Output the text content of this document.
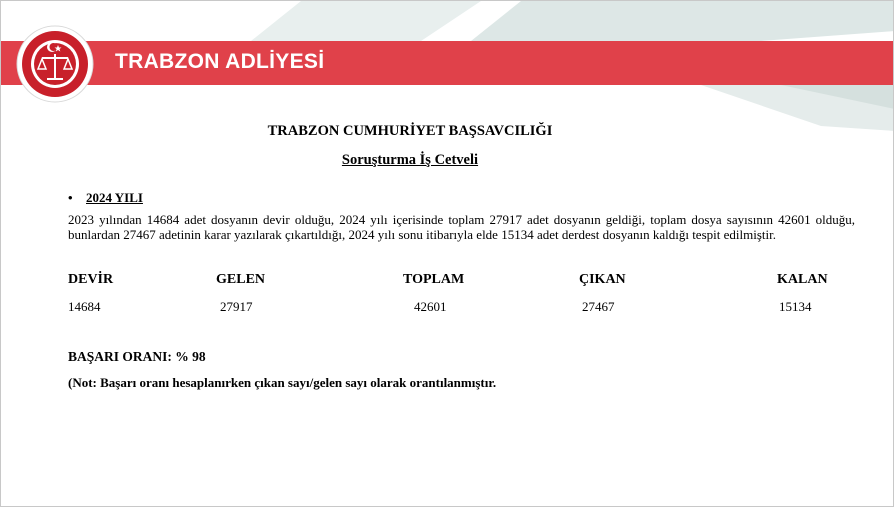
TRABZON ADLİYESİ
TRABZON CUMHURİYET BAŞSAVCILIĞI
Soruşturma İş Cetveli
• 2024 YILI
2023 yılından 14684 adet dosyanın devir olduğu, 2024 yılı içerisinde toplam 27917 adet dosyanın geldiği, toplam dosya sayısının 42601 olduğu, bunlardan 27467 adetinin karar yazılarak çıkartıldığı, 2024 yılı sonu itibarıyla elde 15134 adet derdest dosyanın kaldığı tespit edilmiştir.
DEVİR	GELEN	TOPLAM	ÇIKAN	KALAN
14684	27917	42601	27467	15134
BAŞARI ORANI: % 98
(Not: Başarı oranı hesaplanırken çıkan sayı/gelen sayı olarak orantılanmıştır.
